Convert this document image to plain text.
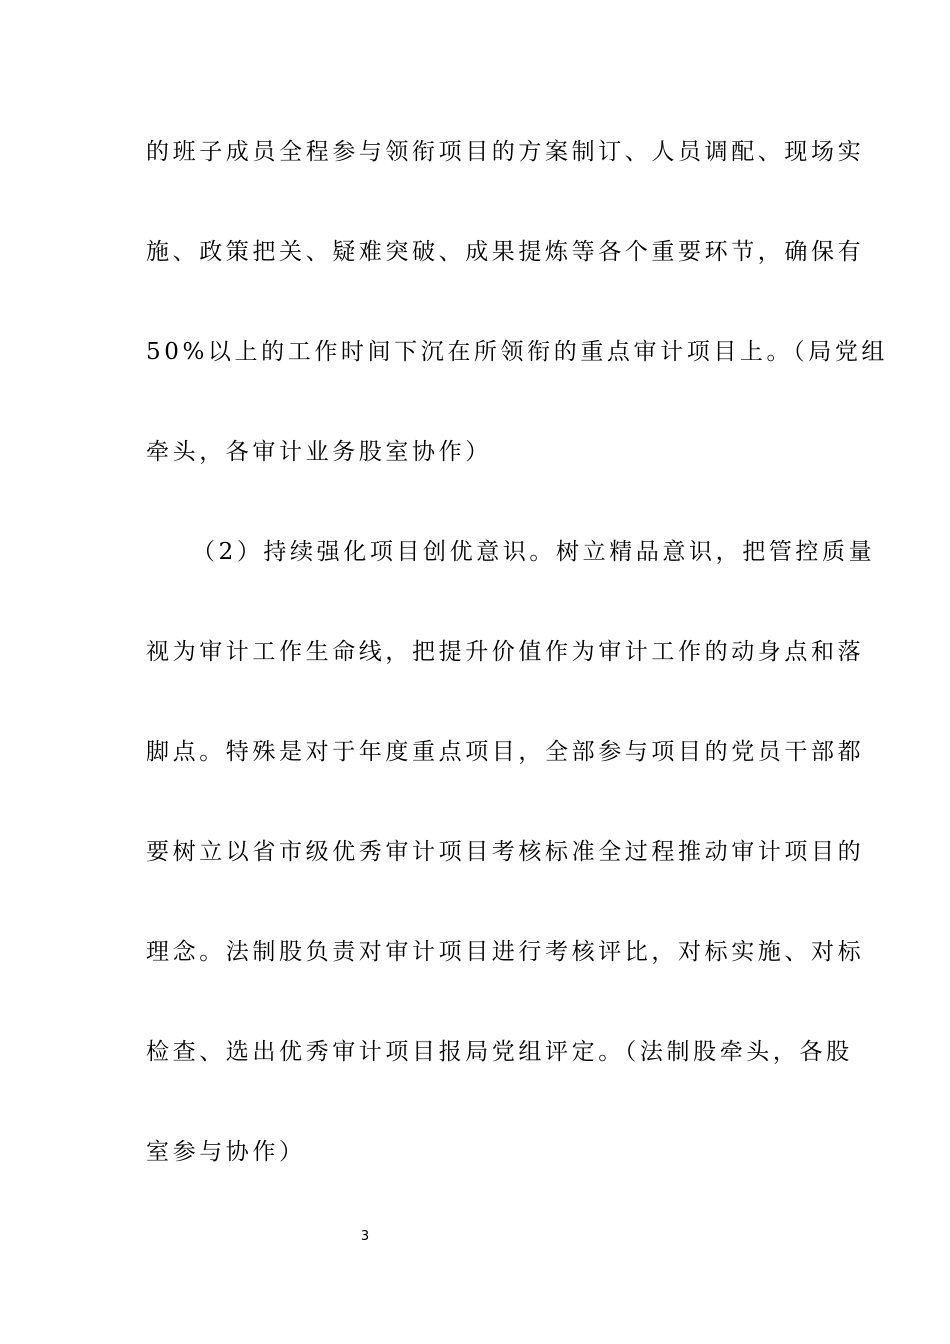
的班子成员全程参与领衔项目的方案制订、人员调配、现场实
施、政策把关、疑难突破、成果提炼等各个重要环节，确保有
50%以上的工作时间下沉在所领衔的重点审计项目上。（局党组
牵头，各审计业务股室协作）
（2）持续强化项目创优意识。树立精品意识，把管控质量
视为审计工作生命线，把提升价值作为审计工作的动身点和落
脚点。特殊是对于年度重点项目，全部参与项目的党员干部都
要树立以省市级优秀审计项目考核标准全过程推动审计项目的
理念。法制股负责对审计项目进行考核评比，对标实施、对标
检查、选出优秀审计项目报局党组评定。（法制股牵头，各股
室参与协作）
3
